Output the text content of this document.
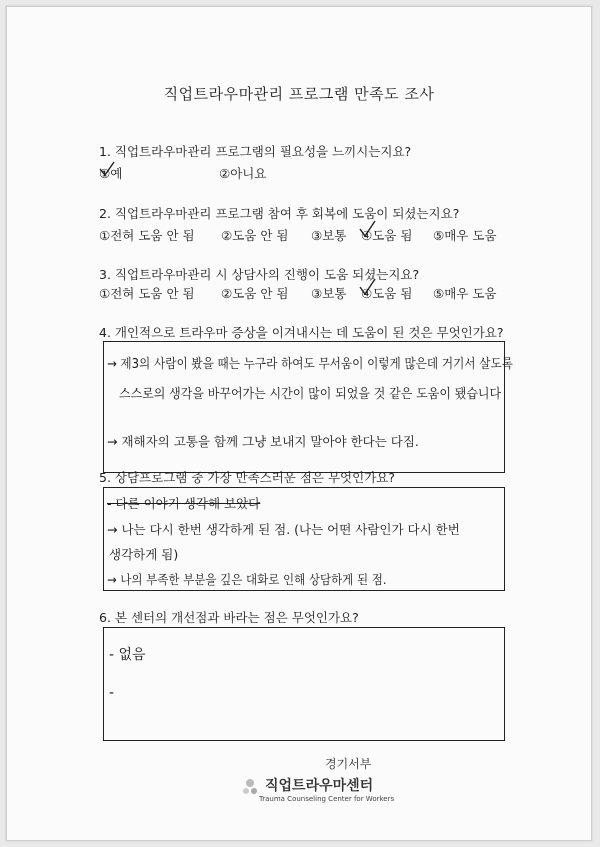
직업트라우마관리 프로그램 만족도 조사
1. 직업트라우마관리 프로그램의 필요성을 느끼시는지요?
①예	②아니요
2. 직업트라우마관리 프로그램 참여 후 회복에 도움이 되셨는지요?
①전혀 도움 안 됨 ②도움 안 됨 ③보통 ④도움 됨 ⑤매우 도움
3. 직업트라우마관리 시 상담사의 진행이 도움 되셨는지요?
①전혀 도움 안 됨 ②도움 안 됨 ③보통 ④도움 됨 ⑤매우 도움
4. 개인적으로 트라우마 증상을 이겨내시는 데 도움이 된 것은 무엇인가요?
→ 제3의 사람이 봤을 때는 누구라 하여도 무서움이 이렇게 많은데 거기서 살도록
스스로의 생각을 바꾸어가는 시간이 많이 되었을 것 같은 도움이 됐습니다
→ 재해자의 고통을 함께 그냥 보내지 말아야 한다는 다짐.
5. 상담프로그램 중 가장 만족스러운 점은 무엇인가요?
- 다른 이야기 생각해 보았다
→ 나는 다시 한번 생각하게 된 점. (나는 어떤 사람인가 다시 한번
생각하게 됨)
→ 나의 부족한 부분을 깊은 대화로 인해 상담하게 된 점.
6. 본 센터의 개선점과 바라는 점은 무엇인가요?
- 없음
-
경기서부
직업트라우마센터
Trauma Counseling Center for Workers
